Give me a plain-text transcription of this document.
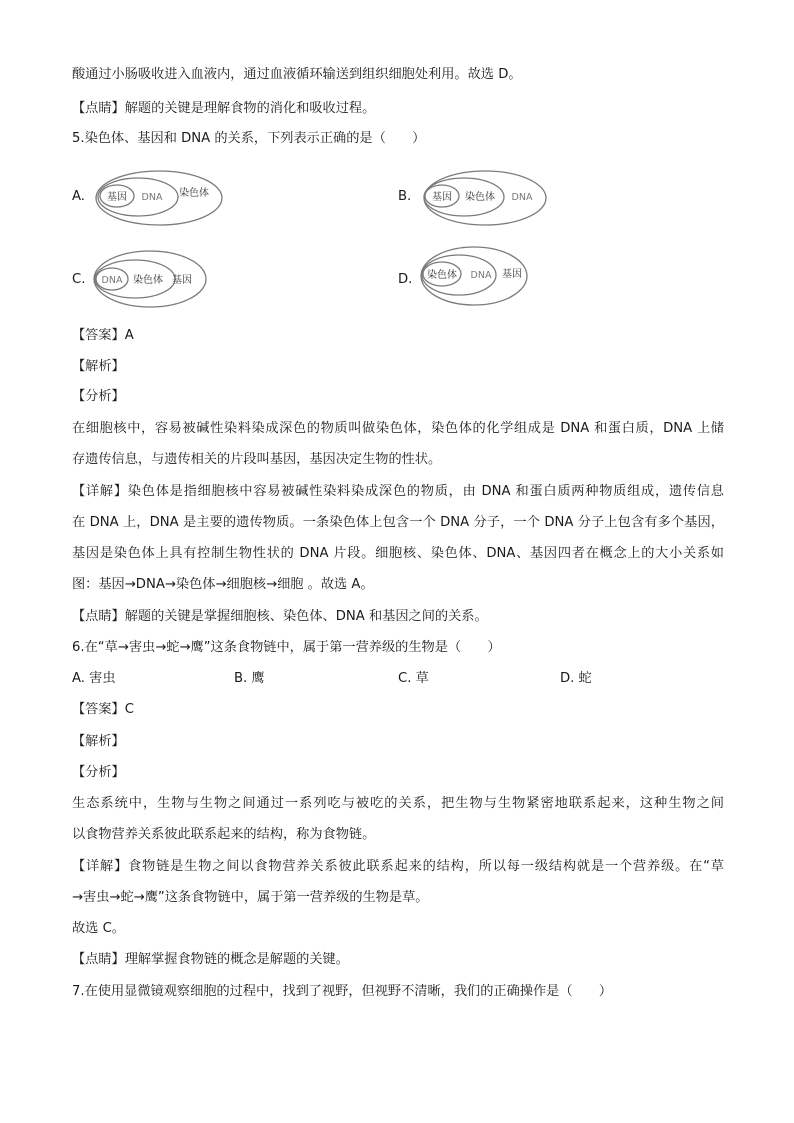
酸通过小肠吸收进入血液内，通过血液循环输送到组织细胞处利用。故选 D。
【点睛】解题的关键是理解食物的消化和吸收过程。
5.染色体、基因和 DNA 的关系，下列表示正确的是（　　）
A. 基因 DNA 染色体	B. 基因 染色体 DNA
C. DNA 染色体 基因	D. 染色体 DNA 基因
【答案】A
【解析】
【分析】
在细胞核中，容易被碱性染料染成深色的物质叫做染色体，染色体的化学组成是 DNA 和蛋白质，DNA 上储
存遗传信息，与遗传相关的片段叫基因，基因决定生物的性状。
【详解】染色体是指细胞核中容易被碱性染料染成深色的物质，由 DNA 和蛋白质两种物质组成，遗传信息
在 DNA 上，DNA 是主要的遗传物质。一条染色体上包含一个 DNA 分子，一个 DNA 分子上包含有多个基因，
基因是染色体上具有控制生物性状的 DNA 片段。细胞核、染色体、DNA、基因四者在概念上的大小关系如
图：基因→DNA→染色体→细胞核→细胞 。故选 A。
【点睛】解题的关键是掌握细胞核、染色体、DNA 和基因之间的关系。
6.在“草→害虫→蛇→鹰”这条食物链中，属于第一营养级的生物是（　　）
A. 害虫	B. 鹰	C. 草	D. 蛇
【答案】C
【解析】
【分析】
生态系统中，生物与生物之间通过一系列吃与被吃的关系，把生物与生物紧密地联系起来，这种生物之间
以食物营养关系彼此联系起来的结构，称为食物链。
【详解】食物链是生物之间以食物营养关系彼此联系起来的结构，所以每一级结构就是一个营养级。在“草
→害虫→蛇→鹰”这条食物链中，属于第一营养级的生物是草。
故选 C。
【点睛】理解掌握食物链的概念是解题的关键。
7.在使用显微镜观察细胞的过程中，找到了视野，但视野不清晰，我们的正确操作是（　　）
